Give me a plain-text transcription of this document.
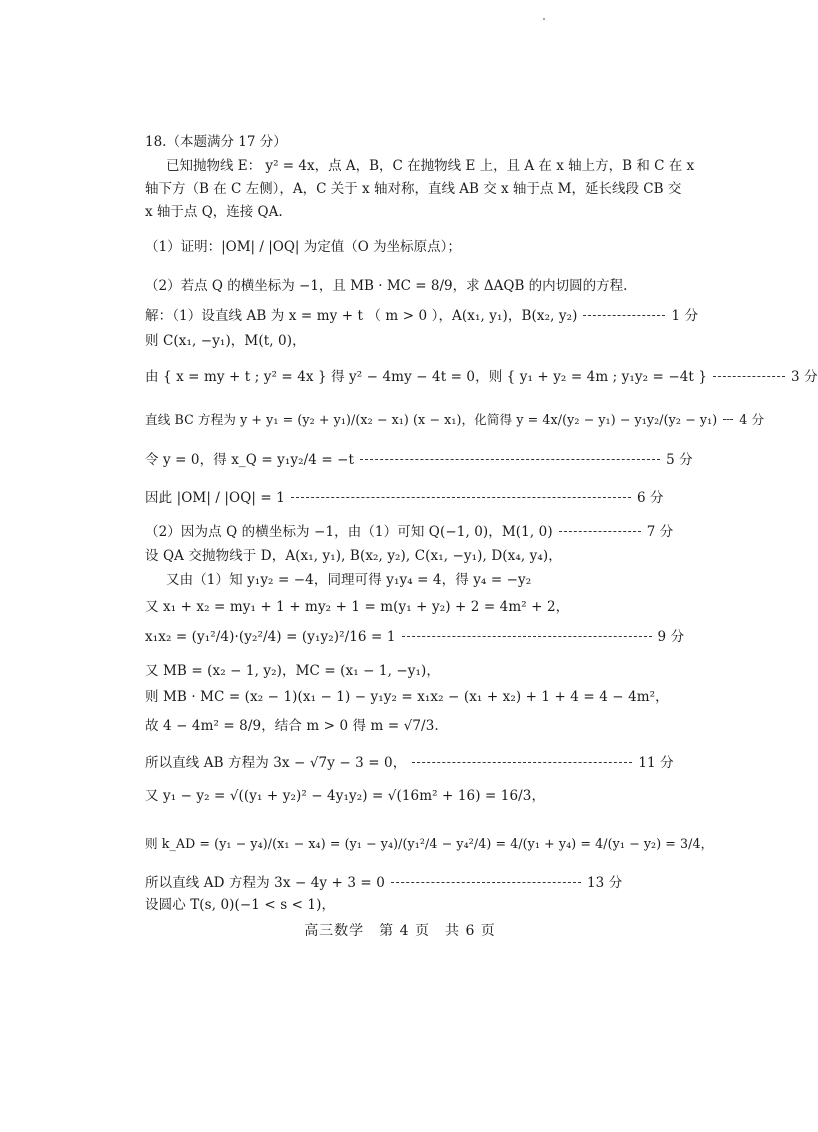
18.（本题满分 17 分）
已知抛物线 E： y² = 4x，点 A，B，C 在抛物线 E 上，且 A 在 x 轴上方，B 和 C 在 x
轴下方（B 在 C 左侧），A，C 关于 x 轴对称，直线 AB 交 x 轴于点 M，延长线段 CB 交
x 轴于点 Q，连接 QA.
（1）证明：|OM| / |OQ| 为定值（O 为坐标原点）；
（2）若点 Q 的横坐标为 −1，且 MB · MC = 8/9，求 ΔAQB 的内切圆的方程.
解：（1）设直线 AB 为 x = my + t （ m > 0 ），A(x₁, y₁)，B(x₂, y₂)	1 分
则 C(x₁, −y₁)，M(t, 0)，
由 { x = my + t ; y² = 4x } 得 y² − 4my − 4t = 0，则 { y₁ + y₂ = 4m ; y₁y₂ = −4t }	3 分
直线 BC 方程为 y + y₁ = (y₂ + y₁)/(x₂ − x₁) (x − x₁)，化简得 y = 4x/(y₂ − y₁) − y₁y₂/(y₂ − y₁) 4 分
令 y = 0，得 x_Q = y₁y₂/4 = −t	5 分
因此 |OM| / |OQ| = 1	6 分
（2）因为点 Q 的横坐标为 −1，由（1）可知 Q(−1, 0)，M(1, 0)	7 分
设 QA 交抛物线于 D，A(x₁, y₁), B(x₂, y₂), C(x₁, −y₁), D(x₄, y₄)，
又由（1）知 y₁y₂ = −4，同理可得 y₁y₄ = 4，得 y₄ = −y₂
又 x₁ + x₂ = my₁ + 1 + my₂ + 1 = m(y₁ + y₂) + 2 = 4m² + 2，
x₁x₂ = (y₁²/4)·(y₂²/4) = (y₁y₂)²/16 = 1	9 分
又 MB = (x₂ − 1, y₂)，MC = (x₁ − 1, −y₁)，
则 MB · MC = (x₂ − 1)(x₁ − 1) − y₁y₂ = x₁x₂ − (x₁ + x₂) + 1 + 4 = 4 − 4m²，
故 4 − 4m² = 8/9，结合 m > 0 得 m = √7/3.
所以直线 AB 方程为 3x − √7y − 3 = 0，	11 分
又 y₁ − y₂ = √((y₁ + y₂)² − 4y₁y₂) = √(16m² + 16) = 16/3，
则 k_AD = (y₁ − y₄)/(x₁ − x₄) = (y₁ − y₄)/(y₁²/4 − y₄²/4) = 4/(y₁ + y₄) = 4/(y₁ − y₂) = 3/4，
所以直线 AD 方程为 3x − 4y + 3 = 0	13 分
设圆心 T(s, 0)(−1 < s < 1)，
高三数学　第 4 页　共 6 页
